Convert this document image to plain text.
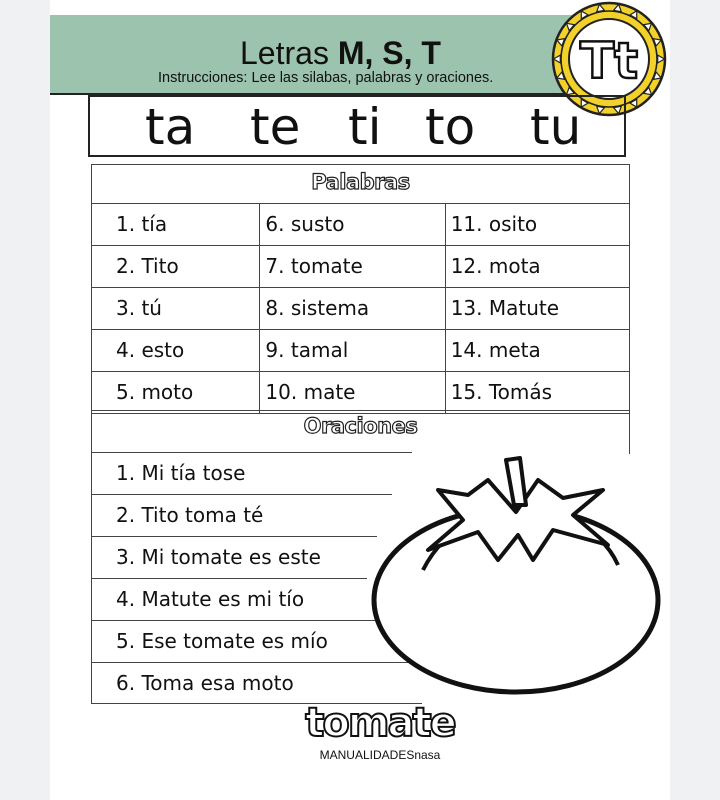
Letras M, S, T
Instrucciones: Lee las silabas, palabras y oraciones. Tt
ta te ti to tu
Palabras
1. tía	6. susto	11. osito
2. Tito	7. tomate	12. mota
3. tú	8. sistema	13. Matute
4. esto	9. tamal	14. meta
5. moto	10. mate	15. Tomás
Oraciones
1. Mi tía tose
2. Tito toma té
3. Mi tomate es este
4. Matute es mi tío
5. Ese tomate es mío
6. Toma esa moto
tomate
MANUALIDADESnasa
